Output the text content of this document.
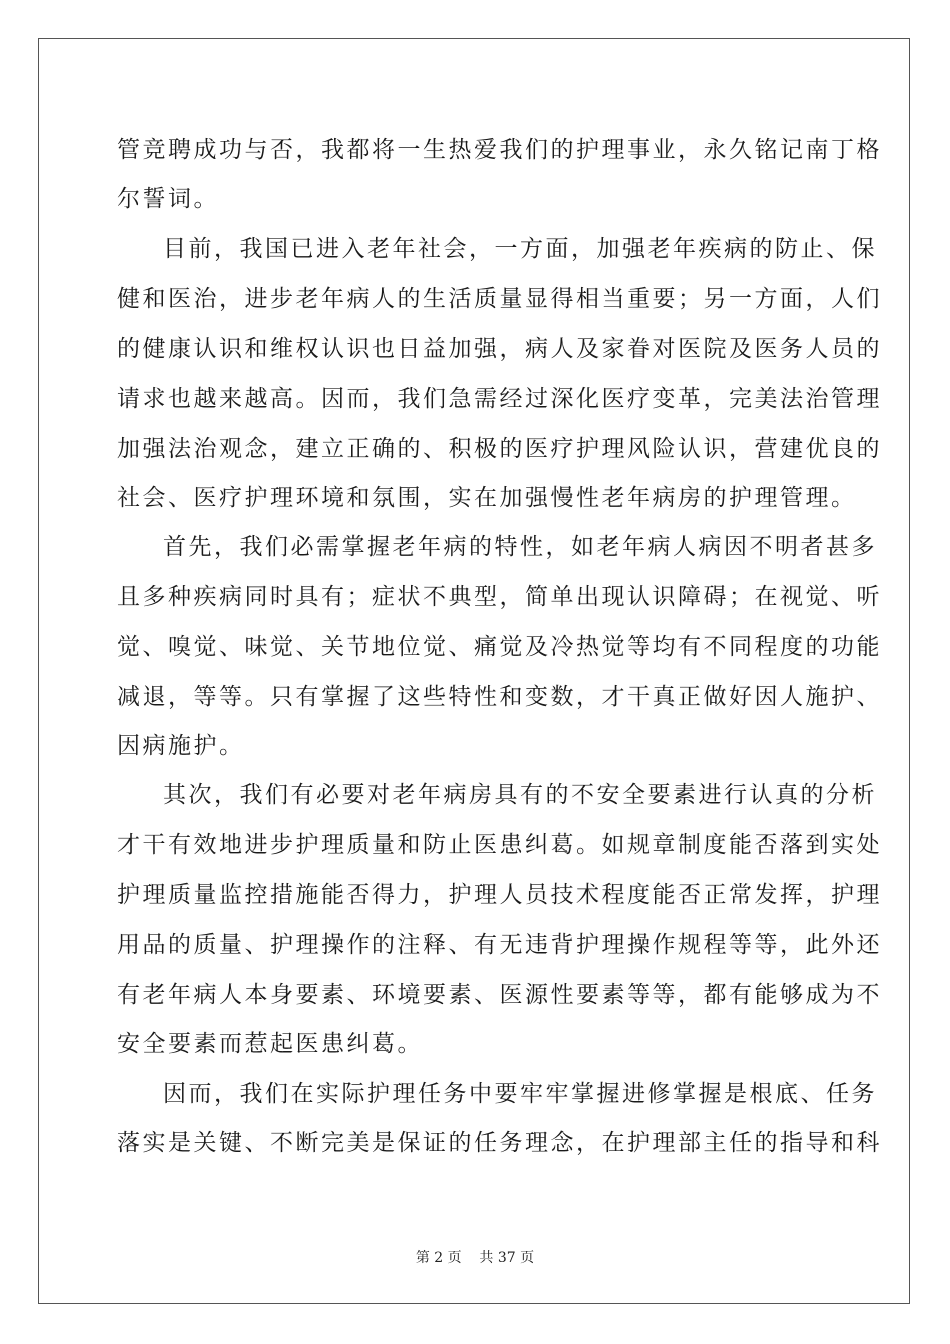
管竞聘成功与否，我都将一生热爱我们的护理事业，永久铭记南丁格
尔誓词。
目前，我国已进入老年社会，一方面，加强老年疾病的防止、保
健和医治，进步老年病人的生活质量显得相当重要；另一方面，人们
的健康认识和维权认识也日益加强，病人及家眷对医院及医务人员的
请求也越来越高。因而，我们急需经过深化医疗变革，完美法治管理
加强法治观念，建立正确的、积极的医疗护理风险认识，营建优良的
社会、医疗护理环境和氛围，实在加强慢性老年病房的护理管理。
首先，我们必需掌握老年病的特性，如老年病人病因不明者甚多
且多种疾病同时具有；症状不典型，简单出现认识障碍；在视觉、听
觉、嗅觉、味觉、关节地位觉、痛觉及冷热觉等均有不同程度的功能
减退，等等。只有掌握了这些特性和变数，才干真正做好因人施护、
因病施护。
其次，我们有必要对老年病房具有的不安全要素进行认真的分析
才干有效地进步护理质量和防止医患纠葛。如规章制度能否落到实处
护理质量监控措施能否得力，护理人员技术程度能否正常发挥，护理
用品的质量、护理操作的注释、有无违背护理操作规程等等，此外还
有老年病人本身要素、环境要素、医源性要素等等，都有能够成为不
安全要素而惹起医患纠葛。
因而，我们在实际护理任务中要牢牢掌握进修掌握是根底、任务
落实是关键、不断完美是保证的任务理念，在护理部主任的指导和科
第 2 页    共 37 页
